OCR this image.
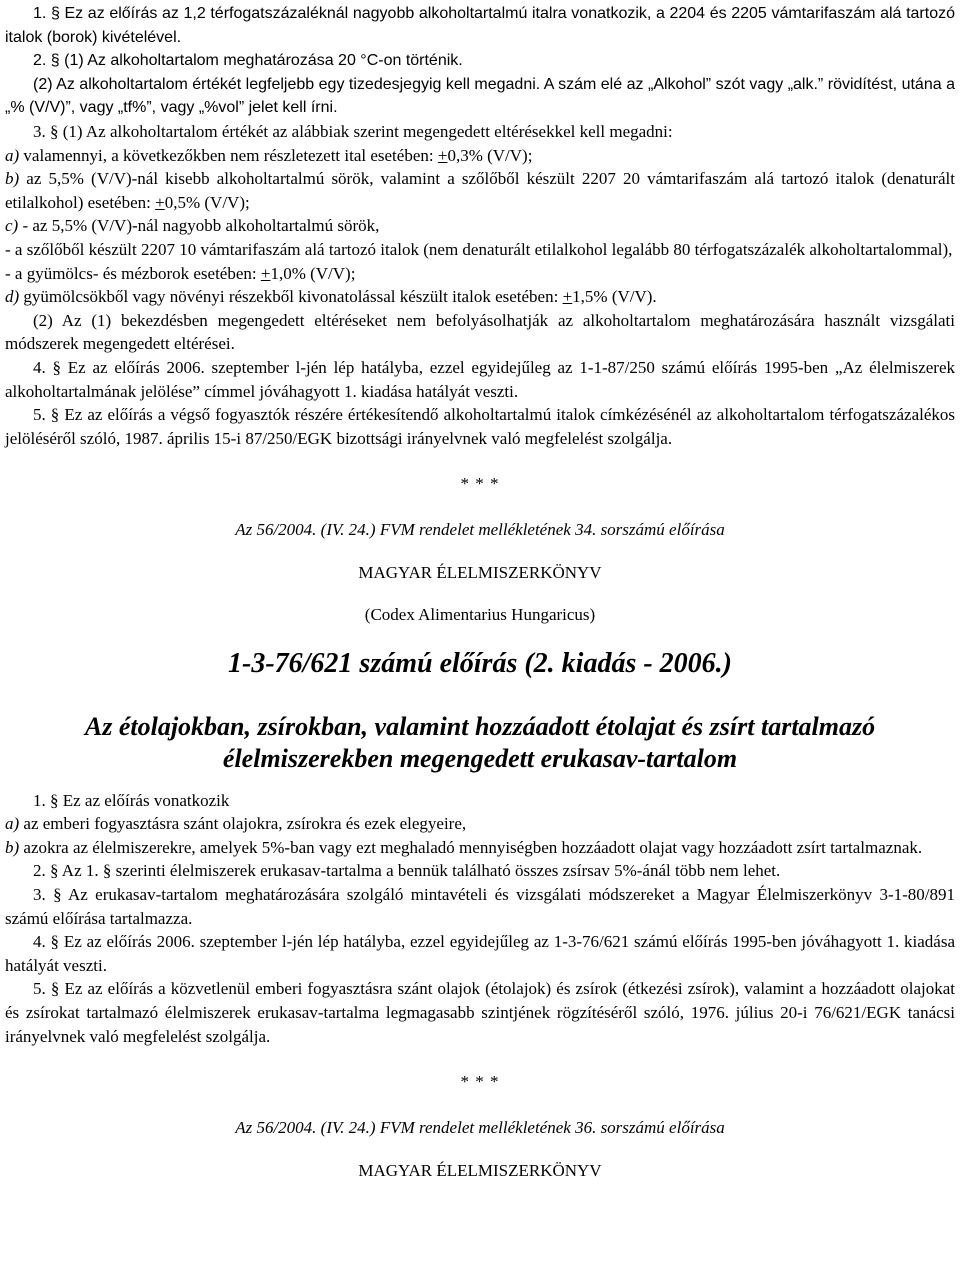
1. § Ez az előírás az 1,2 térfogatszázaléknál nagyobb alkoholtartalmú italra vonatkozik, a 2204 és 2205 vámtarifaszám alá tartozó italok (borok) kivételével.

2. § (1) Az alkoholtartalom meghatározása 20 °C-on történik.

(2) Az alkoholtartalom értékét legfeljebb egy tizedesjegyig kell megadni. A szám elé az „Alkohol” szót vagy „alk.” rövidítést, utána a „% (V/V)”, vagy „tf%”, vagy „%vol” jelet kell írni.

3. § (1) Az alkoholtartalom értékét az alábbiak szerint megengedett eltérésekkel kell megadni:

a) valamennyi, a következőkben nem részletezett ital esetében: +0,3% (V/V);

b) az 5,5% (V/V)-nál kisebb alkoholtartalmú sörök, valamint a szőlőből készült 2207 20 vámtarifaszám alá tartozó italok (denaturált etilalkohol) esetében: +0,5% (V/V);

c) - az 5,5% (V/V)-nál nagyobb alkoholtartalmú sörök,

- a szőlőből készült 2207 10 vámtarifaszám alá tartozó italok (nem denaturált etilalkohol legalább 80 térfogatszázalék alkoholtartalommal),

- a gyümölcs- és mézborok esetében: +1,0% (V/V);

d) gyümölcsökből vagy növényi részekből kivonatolással készült italok esetében: +1,5% (V/V).

(2) Az (1) bekezdésben megengedett eltéréseket nem befolyásolhatják az alkoholtartalom meghatározására használt vizsgálati módszerek megengedett eltérései.

4. § Ez az előírás 2006. szeptember l-jén lép hatályba, ezzel egyidejűleg az 1-1-87/250 számú előírás 1995-ben „Az élelmiszerek alkoholtartalmának jelölése” címmel jóváhagyott 1. kiadása hatályát veszti.

5. § Ez az előírás a végső fogyasztók részére értékesítendő alkoholtartalmú italok címkézésénél az alkoholtartalom térfogatszázalékos jelöléséről szóló, 1987. április 15-i 87/250/EGK bizottsági irányelvnek való megfelelést szolgálja.

* * *

Az 56/2004. (IV. 24.) FVM rendelet mellékletének 34. sorszámú előírása

MAGYAR ÉLELMISZERKÖNYV
(Codex Alimentarius Hungaricus)
1-3-76/621 számú előírás (2. kiadás - 2006.)
Az étolajokban, zsírokban, valamint hozzáadott étolajat és zsírt tartalmazó élelmiszerekben megengedett erukasav-tartalom

1. § Ez az előírás vonatkozik

a) az emberi fogyasztásra szánt olajokra, zsírokra és ezek elegyeire,

b) azokra az élelmiszerekre, amelyek 5%-ban vagy ezt meghaladó mennyiségben hozzáadott olajat vagy hozzáadott zsírt tartalmaznak.

2. § Az 1. § szerinti élelmiszerek erukasav-tartalma a bennük található összes zsírsav 5%-ánál több nem lehet.

3. § Az erukasav-tartalom meghatározására szolgáló mintavételi és vizsgálati módszereket a Magyar Élelmiszerkönyv 3-1-80/891 számú előírása tartalmazza.

4. § Ez az előírás 2006. szeptember l-jén lép hatályba, ezzel egyidejűleg az 1-3-76/621 számú előírás 1995-ben jóváhagyott 1. kiadása hatályát veszti.

5. § Ez az előírás a közvetlenül emberi fogyasztásra szánt olajok (étolajok) és zsírok (étkezési zsírok), valamint a hozzáadott olajokat és zsírokat tartalmazó élelmiszerek erukasav-tartalma legmagasabb szintjének rögzítéséről szóló, 1976. július 20-i 76/621/EGK tanácsi irányelvnek való megfelelést szolgálja.

* * *

Az 56/2004. (IV. 24.) FVM rendelet mellékletének 36. sorszámú előírása

MAGYAR ÉLELMISZERKÖNYV
